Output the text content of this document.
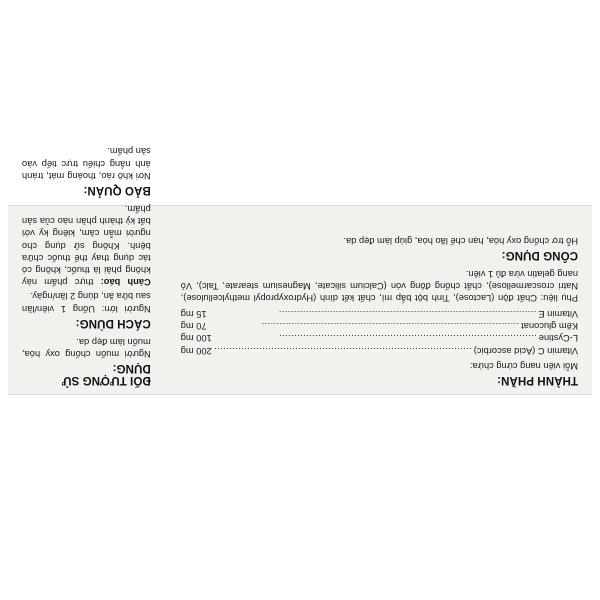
THÀNH PHẦN:
Mỗi viên nang cứng chứa:
Vitamin C (Acid ascorbic)
......................................................................................
200 mg
L-Cystine
......................................................................................
100 mg
Kẽm gluconat
......................................................................................
70 mg
Vitamin E
......................................................................................
15 mg
Phụ liệu: Chất độn (Lactose), Tinh bột bắp mì, chất kết dính (Hydroxypropyl methylcellulose), Natri croscarmellose), chất chống đông vón (Calcium silicate, Magnesium stearate, Talc), Vỏ nang gelatin vừa đủ 1 viên.
CÔNG DỤNG:
Hỗ trợ chống oxy hóa, hạn chế lão hóa, giúp làm đẹp da.
ĐỐI TƯỢNG SỬ DỤNG:
Người muốn chống oxy hóa, muốn làm đẹp da.
CÁCH DÙNG:
Người lớn: Uống 1 viên/lần sau bữa ăn, dùng 2 lần/ngày.
Cảnh báo: thực phẩm này không phải là thuốc, không có tác dụng thay thế thuốc chữa bệnh. Không sử dụng cho người mẫn cảm, kiêng kỵ với bất kỳ thành phần nào của sản phẩm.
BẢO QUẢN:
Nơi khô ráo, thoáng mát, tránh ánh nắng chiếu trực tiếp vào sản phẩm.
